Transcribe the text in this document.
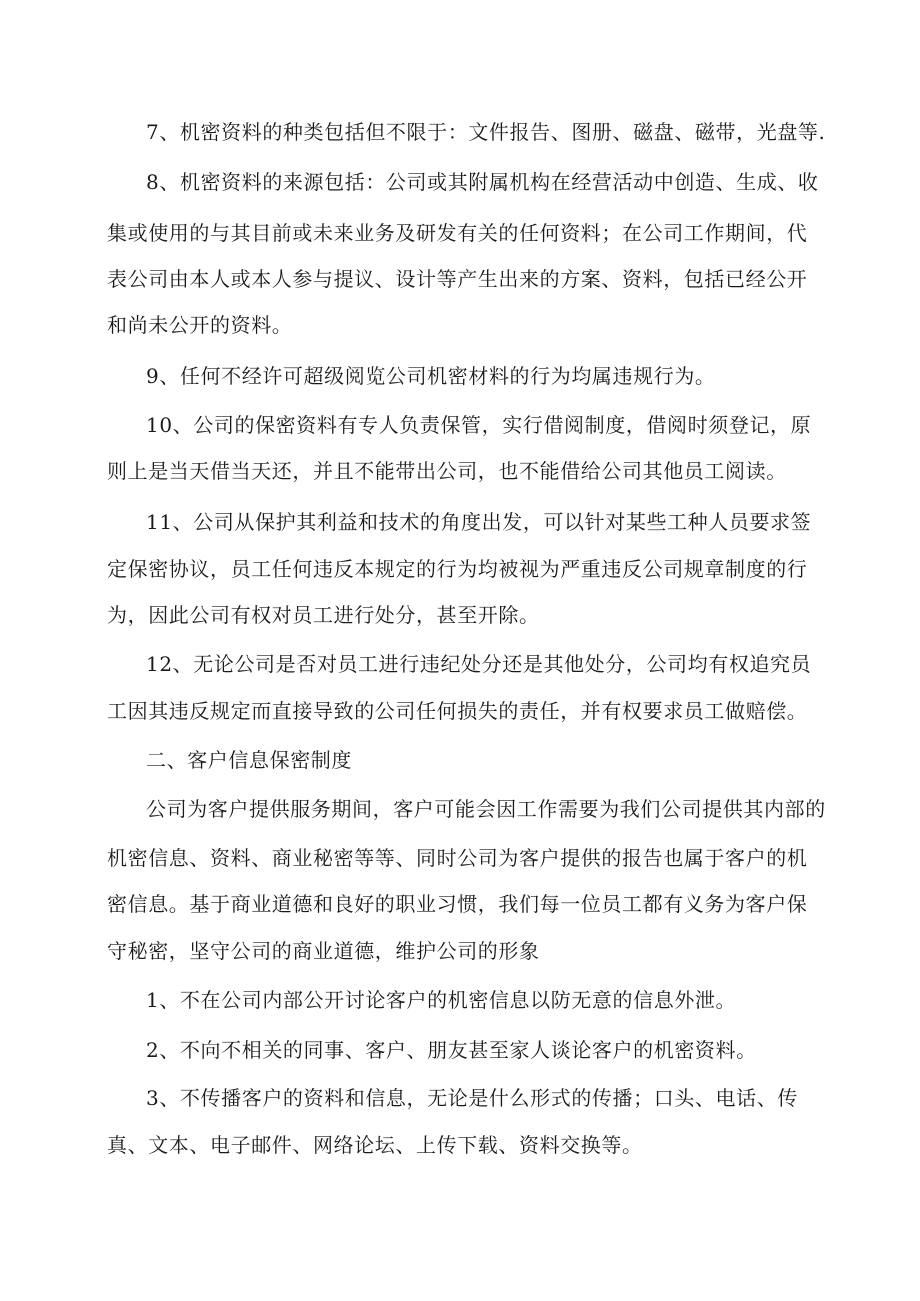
7、机密资料的种类包括但不限于：文件报告、图册、磁盘、磁带，光盘等.
8、机密资料的来源包括：公司或其附属机构在经营活动中创造、生成、收
集或使用的与其目前或未来业务及研发有关的任何资料；在公司工作期间，代
表公司由本人或本人参与提议、设计等产生出来的方案、资料，包括已经公开
和尚未公开的资料。
9、任何不经许可超级阅览公司机密材料的行为均属违规行为。
10、公司的保密资料有专人负责保管，实行借阅制度，借阅时须登记，原
则上是当天借当天还，并且不能带出公司，也不能借给公司其他员工阅读。
11、公司从保护其利益和技术的角度出发，可以针对某些工种人员要求签
定保密协议，员工任何违反本规定的行为均被视为严重违反公司规章制度的行
为，因此公司有权对员工进行处分，甚至开除。
12、无论公司是否对员工进行违纪处分还是其他处分，公司均有权追究员
工因其违反规定而直接导致的公司任何损失的责任，并有权要求员工做赔偿。
二、客户信息保密制度
公司为客户提供服务期间，客户可能会因工作需要为我们公司提供其内部的
机密信息、资料、商业秘密等等、同时公司为客户提供的报告也属于客户的机
密信息。基于商业道德和良好的职业习惯，我们每一位员工都有义务为客户保
守秘密，坚守公司的商业道德，维护公司的形象
1、不在公司内部公开讨论客户的机密信息以防无意的信息外泄。
2、不向不相关的同事、客户、朋友甚至家人谈论客户的机密资料。
3、不传播客户的资料和信息，无论是什么形式的传播；口头、电话、传
真、文本、电子邮件、网络论坛、上传下载、资料交换等。
